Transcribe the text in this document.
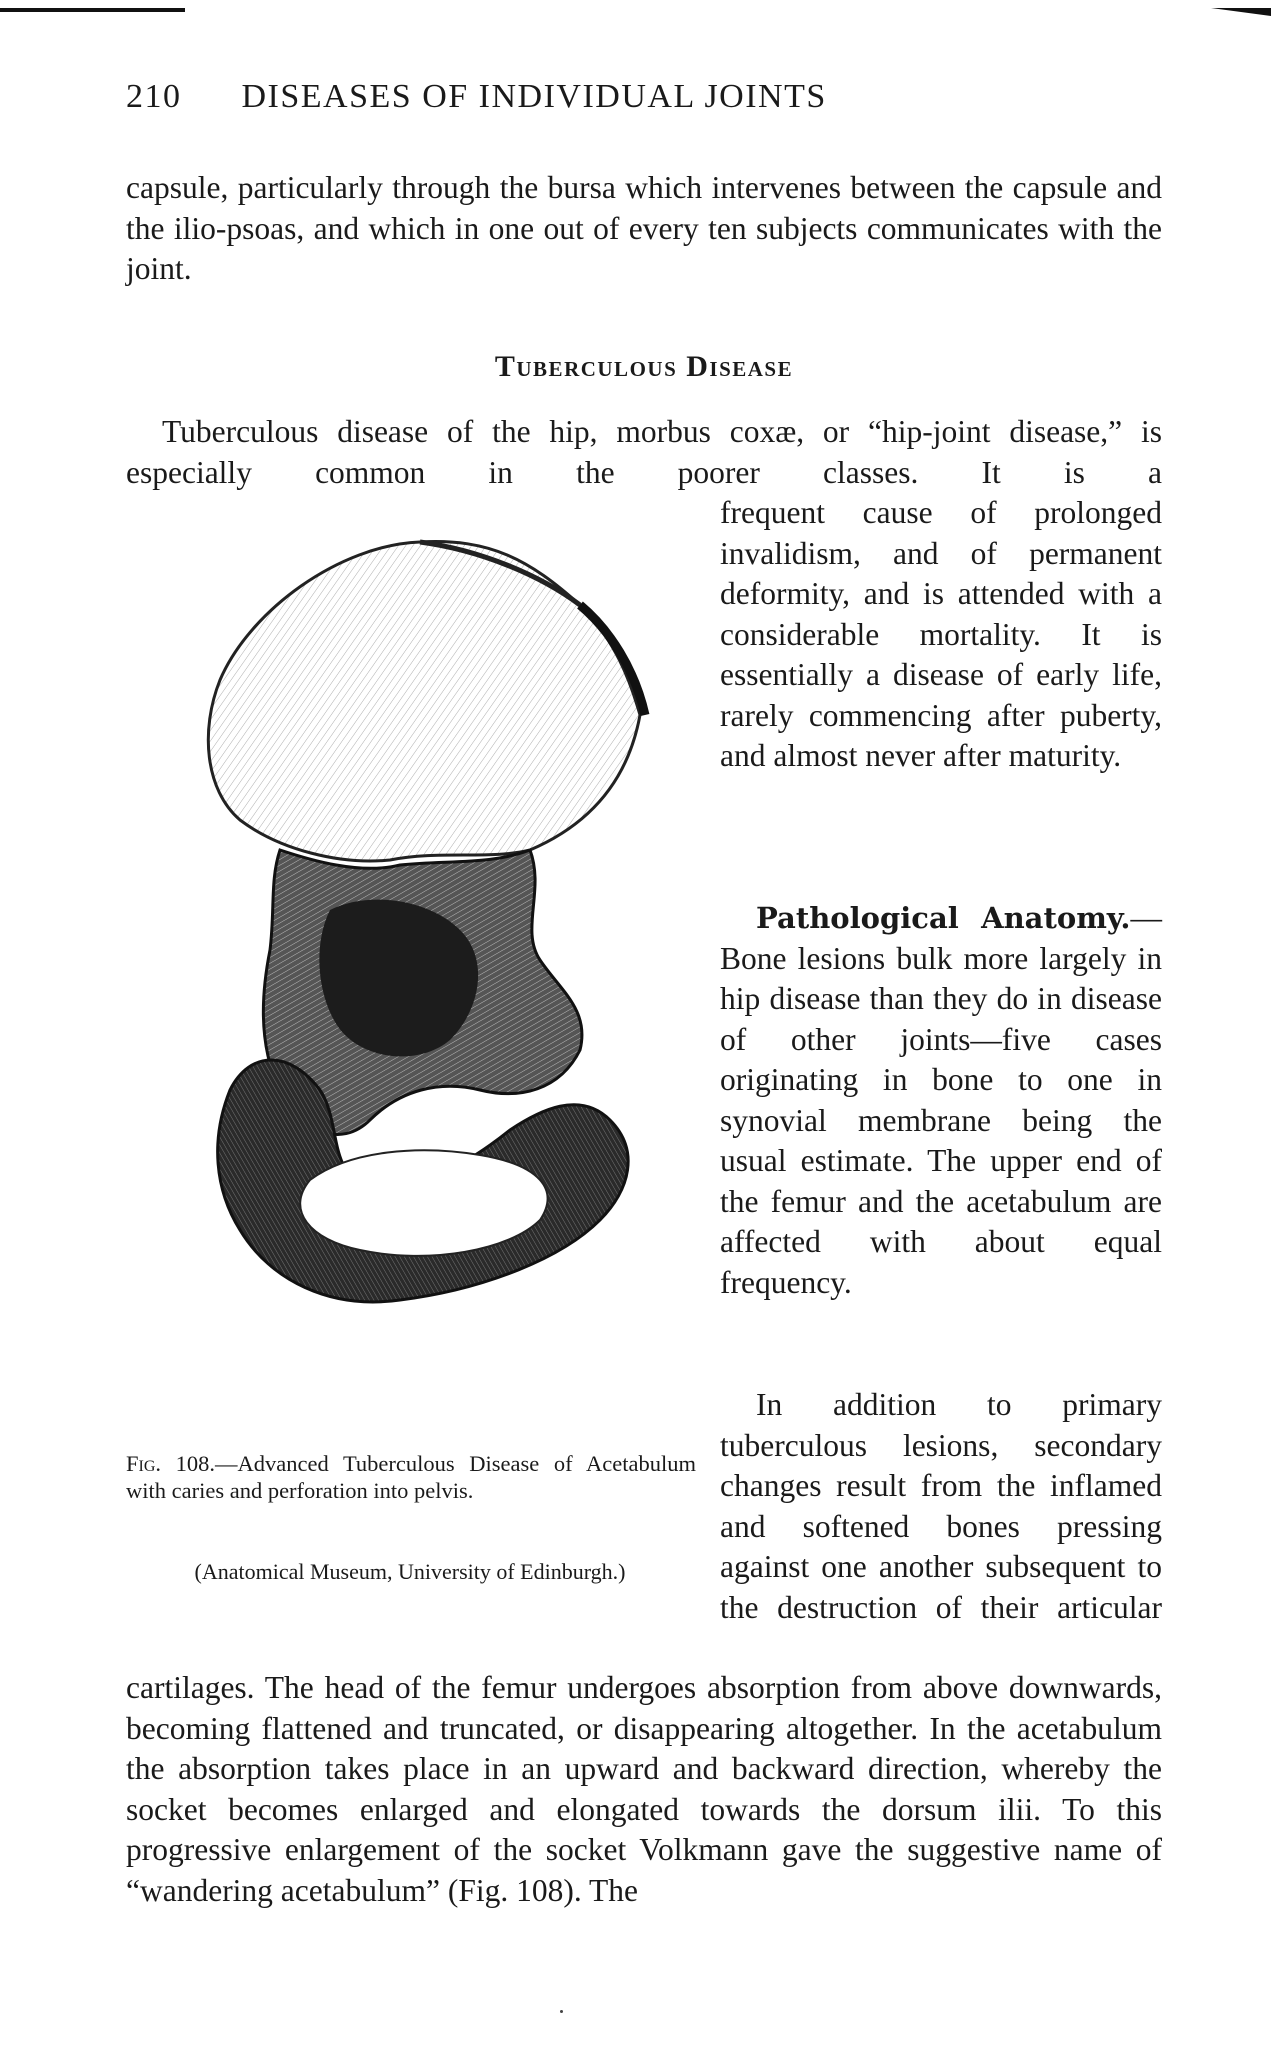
210 DISEASES OF INDIVIDUAL JOINTS

capsule, particularly through the bursa which intervenes between the capsule and the ilio-psoas, and which in one out of every ten subjects communicates with the joint.

Tuberculous Disease

Tuberculous disease of the hip, morbus coxæ, or “hip-joint disease,” is especially common in the poorer classes. It is a

frequent cause of prolonged invalidism, and of permanent deformity, and is attended with a considerable mortality. It is essentially a disease of early life, rarely commencing after puberty, and almost never after maturity.

Pathological Anatomy.—Bone lesions bulk more largely in hip disease than they do in disease of other joints—five cases originating in bone to one in synovial membrane being the usual estimate. The upper end of the femur and the acetabulum are affected with about equal frequency.

In addition to primary tuberculous lesions, secondary changes result from the inflamed and softened bones pressing against one another subsequent to the destruction of their articular

cartilages. The head of the femur undergoes absorption from above downwards, becoming flattened and truncated, or disappearing altogether. In the acetabulum the absorption takes place in an upward and backward direction, whereby the socket becomes enlarged and elongated towards the dorsum ilii. To this progressive enlargement of the socket Volkmann gave the suggestive name of “wandering acetabulum” (Fig. 108). The

Fig. 108.—Advanced Tuberculous Disease of Acetabulum with caries and perforation into pelvis.

(Anatomical Museum, University of Edinburgh.)
